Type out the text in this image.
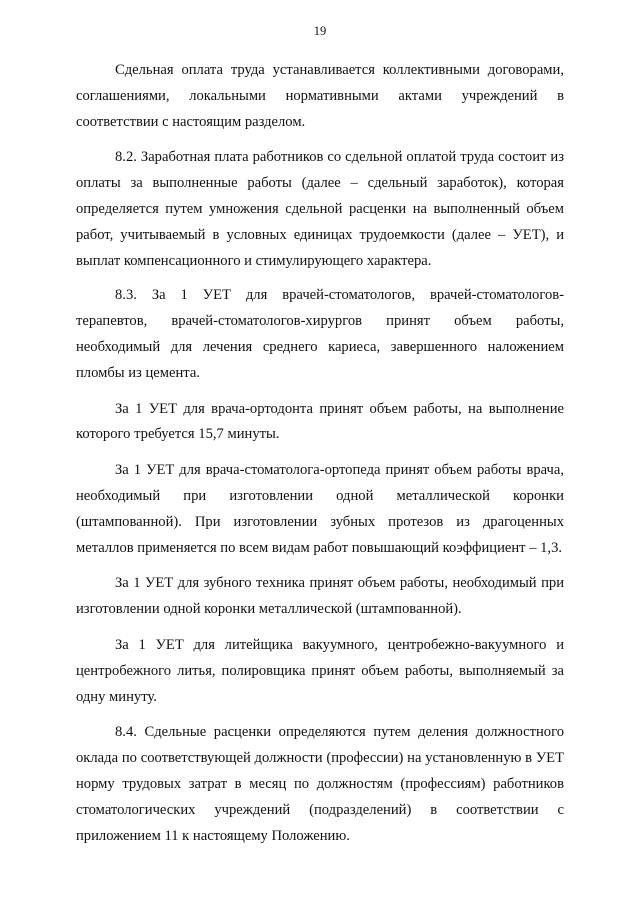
19

Сдельная оплата труда устанавливается коллективными договорами, соглашениями, локальными нормативными актами учреждений в соответствии с настоящим разделом.

8.2. Заработная плата работников со сдельной оплатой труда состоит из оплаты за выполненные работы (далее – сдельный заработок), которая определяется путем умножения сдельной расценки на выполненный объем работ, учитываемый в условных единицах трудоемкости (далее – УЕТ), и выплат компенсационного и стимулирующего характера.

8.3. За 1 УЕТ для врачей-стоматологов, врачей-стоматологов-терапевтов, врачей-стоматологов-хирургов принят объем работы, необходимый для лечения среднего кариеса, завершенного наложением пломбы из цемента.

За 1 УЕТ для врача-ортодонта принят объем работы, на выполнение которого требуется 15,7 минуты.

За 1 УЕТ для врача-стоматолога-ортопеда принят объем работы врача, необходимый при изготовлении одной металлической коронки (штампованной). При изготовлении зубных протезов из драгоценных металлов применяется по всем видам работ повышающий коэффициент – 1,3.

За 1 УЕТ для зубного техника принят объем работы, необходимый при изготовлении одной коронки металлической (штампованной).

За 1 УЕТ для литейщика вакуумного, центробежно-вакуумного и центробежного литья, полировщика принят объем работы, выполняемый за одну минуту.

8.4. Сдельные расценки определяются путем деления должностного оклада по соответствующей должности (профессии) на установленную в УЕТ норму трудовых затрат в месяц по должностям (профессиям) работников стоматологических учреждений (подразделений) в соответствии с приложением 11 к настоящему Положению.
